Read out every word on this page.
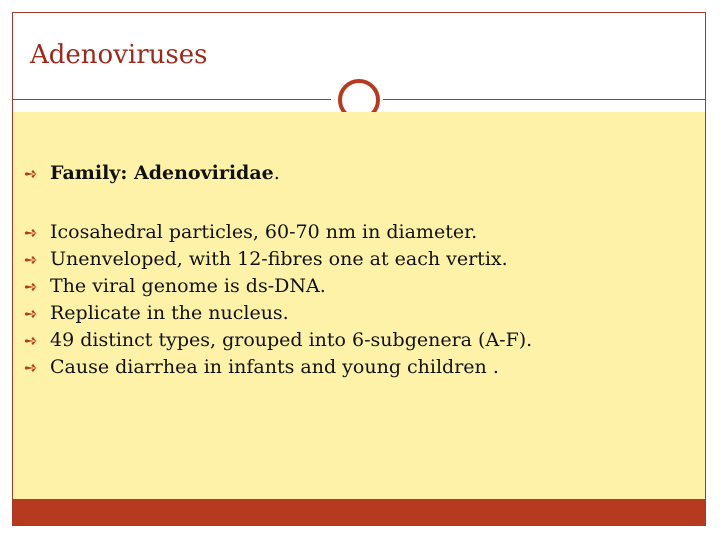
Adenoviruses
➺ Family: Adenoviridae.
➺ Icosahedral particles, 60-70 nm in diameter.
➺ Unenveloped, with 12-fibres one at each vertix.
➺ The viral genome is ds-DNA.
➺ Replicate in the nucleus.
➺ 49 distinct types, grouped into 6-subgenera (A-F).
➺ Cause diarrhea in infants and young children .
